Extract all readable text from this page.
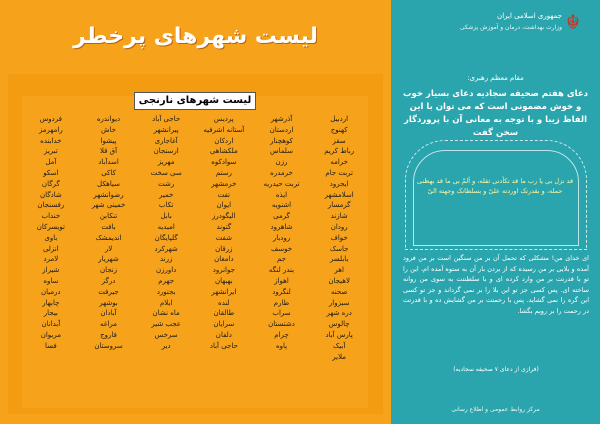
لیست شهرهای پرخطر
لیست شهرهای نارنجی
اردبیل
آذرشهر
پردیس
حاجی آباد
دیواندره
فردوس
کهنوج
اردستان
آستانه اشرفیه
پیرانشهر
خاش
رامهرمز
سقز
کوهچنار
اردکان
آغاجاری
پیشوا
خدابنده
رباط کریم
سلماس
ملکشاهی
ارسنجان
آق قلا
تبریز
خرامه
رزن
سوادکوه
مهریز
اسدآباد
آمل
تربت جام
خرمدره
رستم
سی سخت
کاکی
اسکو
ایجرود
تربت حیدریه
خرمشهر
رشت
سیاهکل
گرگان
اسلامشهر
ایذه
تفت
خمیر
رضوانشهر
شادگان
گرمسار
اشنویه
ایوان
تکاب
خمینی شهر
رفسنجان
شازند
گرمی
الیگودرز
بابل
تنکابن
خنداب
رودان
شاهرود
گتوند
امیدیه
بافت
تویسرکان
خواف
رودبار
شفت
گلپایگان
اندیمشک
باوی
جاسک
خوسف
زرقان
شهرکرد
لار
انزلی
بابلسر
جم
دامغان
زرند
شهریار
لامرد
اهر
بندر لنگه
جوانرود
داورزن
زنجان
شیراز
لاهیجان
اهواز
بهبهان
جهرم
درگز
ساوه
صحنه
لنگرود
ایرانشهر
بجنورد
جیرفت
درمیان
سبزوار
طارم
لنده
ایلام
بوشهر
چابهار
دره شهر
سراب
طالقان
ماه نشان
آبادان
بیجار
چالوس
دشتستان
سرایان
عجب شیر
مراغه
آبدانان
پارس آباد
چرام
دلفان
سرخس
فاروج
مریوان
آبیک
پاوه
حاجی آباد
دیر
سروستان
فسا
ملایر
☬
جمهوری اسلامی ایران
وزارت بهداشت، درمان و آموزش پزشکی
مقام معظم رهبری:
دعای هفتم صحیفه سجادیه دعای بسیار خوب و خوش مضمونی است که می توان با این الفاظ زیبا و با توجه به معانی آن با پروردگار سخن گفت
قد نزل بی یا رب ما قد تکأدنی ثقله، و ألمّ بی ما قد بهظنی حمله، و بقدرتک اوردته علیّ و بسلطانک وجهته الیّ
ای خدای من! مشکلی که تحمل آن بر من سنگین است بر من فرود آمده و بلایی بر من رسیده که از بردن بار آن به ستوه آمده ام، این را تو با قدرتت بر من وارد کرده ای و با سلطنتت به سوی من روانه ساخته ای. پس کسی جز تو این بلا را بر نمی گرداند و جز تو کسی این گره را نمی گشاید. پس با رحمتت بر من گشایش ده و با قدرتت در رحمت را بر رویم بگشا.
(فرازی از دعای ۷ صحیفه سجادیه)
مرکز روابط عمومی و اطلاع رسانی
